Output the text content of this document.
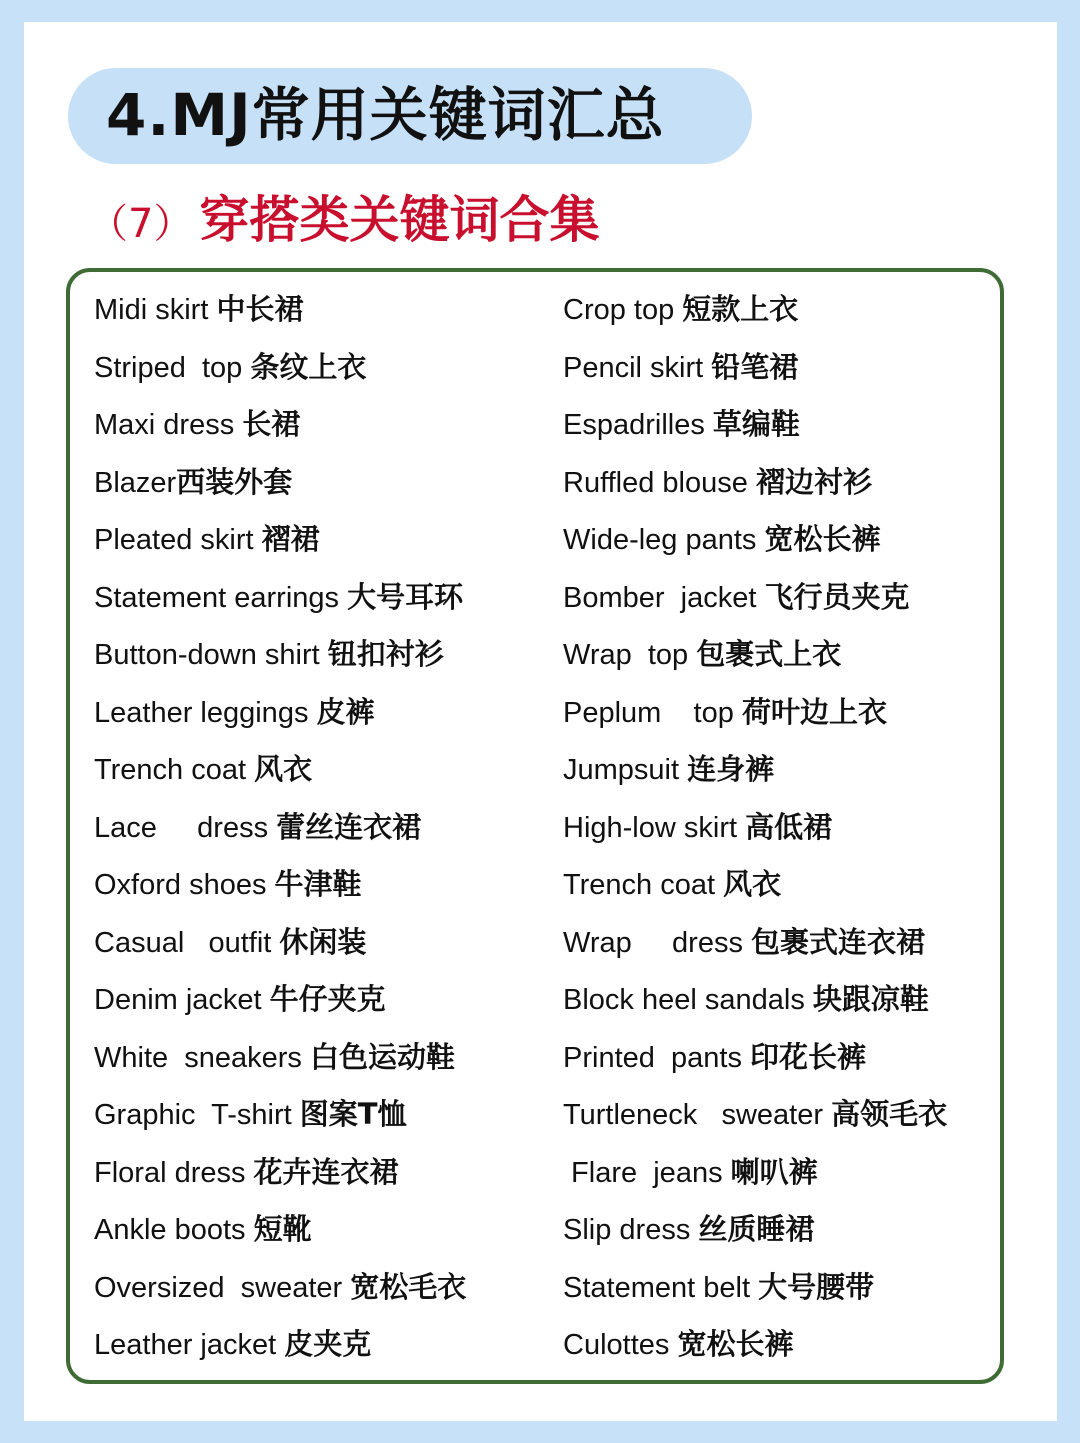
4.MJ常用关键词汇总
（7） 穿搭类关键词合集
Midi skirt 中长裙
Striped  top 条纹上衣
Maxi dress 长裙
Blazer西装外套
Pleated skirt 褶裙
Statement earrings 大号耳环
Button-down shirt 钮扣衬衫
Leather leggings 皮裤
Trench coat 风衣
Lace     dress 蕾丝连衣裙
Oxford shoes 牛津鞋
Casual   outfit 休闲装
Denim jacket 牛仔夹克
White  sneakers 白色运动鞋
Graphic  T-shirt 图案T恤
Floral dress 花卉连衣裙
Ankle boots 短靴
Oversized  sweater 宽松毛衣
Leather jacket 皮夹克
Crop top 短款上衣
Pencil skirt 铅笔裙
Espadrilles 草编鞋
Ruffled blouse 褶边衬衫
Wide-leg pants 宽松长裤
Bomber  jacket 飞行员夹克
Wrap  top 包裹式上衣
Peplum    top 荷叶边上衣
Jumpsuit 连身裤
High-low skirt 高低裙
Trench coat 风衣
Wrap     dress 包裹式连衣裙
Block heel sandals 块跟凉鞋
Printed  pants 印花长裤
Turtleneck   sweater 高领毛衣
Flare  jeans 喇叭裤
Slip dress 丝质睡裙
Statement belt 大号腰带
Culottes 宽松长裤
